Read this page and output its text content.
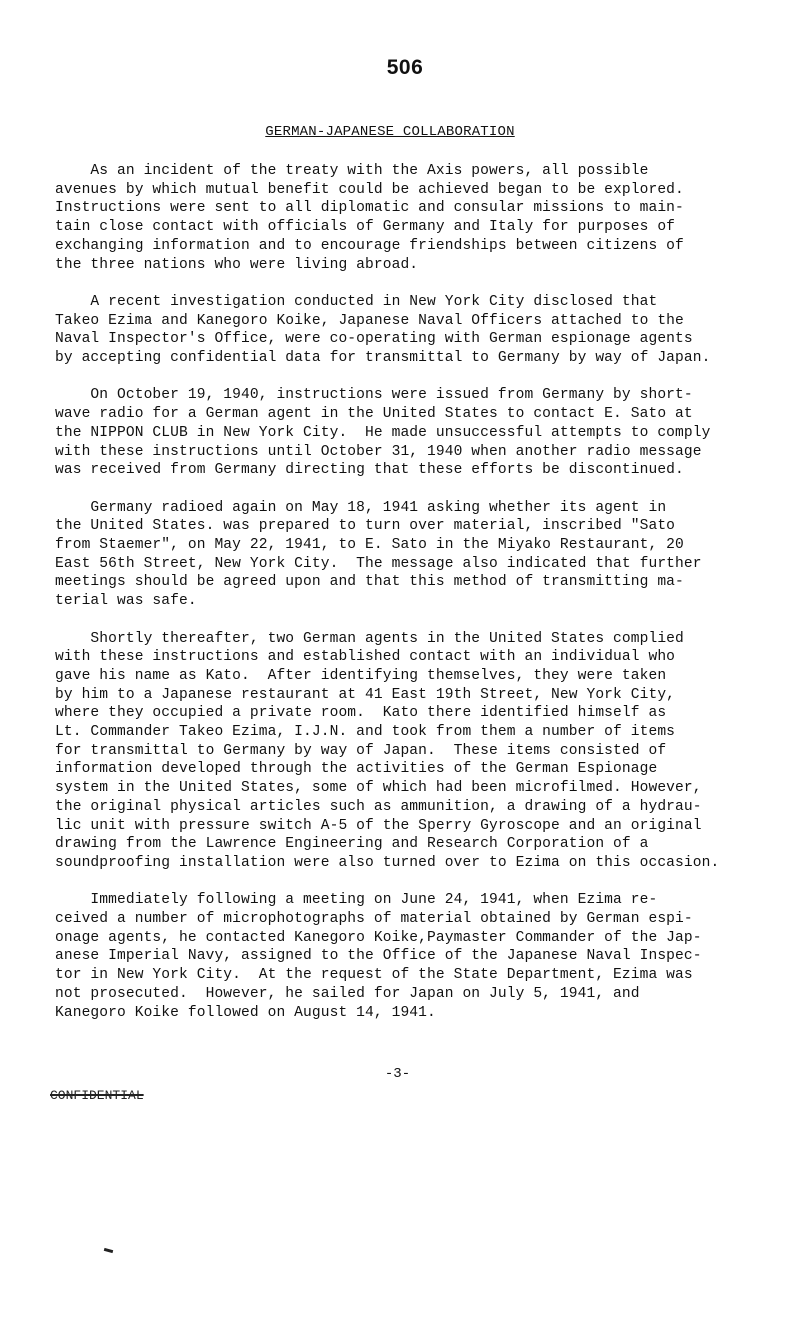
506
GERMAN-JAPANESE COLLABORATION

As an incident of the treaty with the Axis powers, all possible
avenues by which mutual benefit could be achieved began to be explored.
Instructions were sent to all diplomatic and consular missions to main-
tain close contact with officials of Germany and Italy for purposes of
exchanging information and to encourage friendships between citizens of
the three nations who were living abroad.

A recent investigation conducted in New York City disclosed that
Takeo Ezima and Kanegoro Koike, Japanese Naval Officers attached to the
Naval Inspector's Office, were co-operating with German espionage agents
by accepting confidential data for transmittal to Germany by way of Japan.

On October 19, 1940, instructions were issued from Germany by short-
wave radio for a German agent in the United States to contact E. Sato at
the NIPPON CLUB in New York City.  He made unsuccessful attempts to comply
with these instructions until October 31, 1940 when another radio message
was received from Germany directing that these efforts be discontinued.

Germany radioed again on May 18, 1941 asking whether its agent in
the United States. was prepared to turn over material, inscribed "Sato
from Staemer", on May 22, 1941, to E. Sato in the Miyako Restaurant, 20
East 56th Street, New York City.  The message also indicated that further
meetings should be agreed upon and that this method of transmitting ma-
terial was safe.

Shortly thereafter, two German agents in the United States complied
with these instructions and established contact with an individual who
gave his name as Kato.  After identifying themselves, they were taken
by him to a Japanese restaurant at 41 East 19th Street, New York City,
where they occupied a private room.  Kato there identified himself as
Lt. Commander Takeo Ezima, I.J.N. and took from them a number of items
for transmittal to Germany by way of Japan.  These items consisted of
information developed through the activities of the German Espionage
system in the United States, some of which had been microfilmed. However,
the original physical articles such as ammunition, a drawing of a hydrau-
lic unit with pressure switch A-5 of the Sperry Gyroscope and an original
drawing from the Lawrence Engineering and Research Corporation of a
soundproofing installation were also turned over to Ezima on this occasion.

Immediately following a meeting on June 24, 1941, when Ezima re-
ceived a number of microphotographs of material obtained by German espi-
onage agents, he contacted Kanegoro Koike,Paymaster Commander of the Jap-
anese Imperial Navy, assigned to the Office of the Japanese Naval Inspec-
tor in New York City.  At the request of the State Department, Ezima was
not prosecuted.  However, he sailed for Japan on July 5, 1941, and
Kanegoro Koike followed on August 14, 1941.

-3-
CONFIDENTIAL
